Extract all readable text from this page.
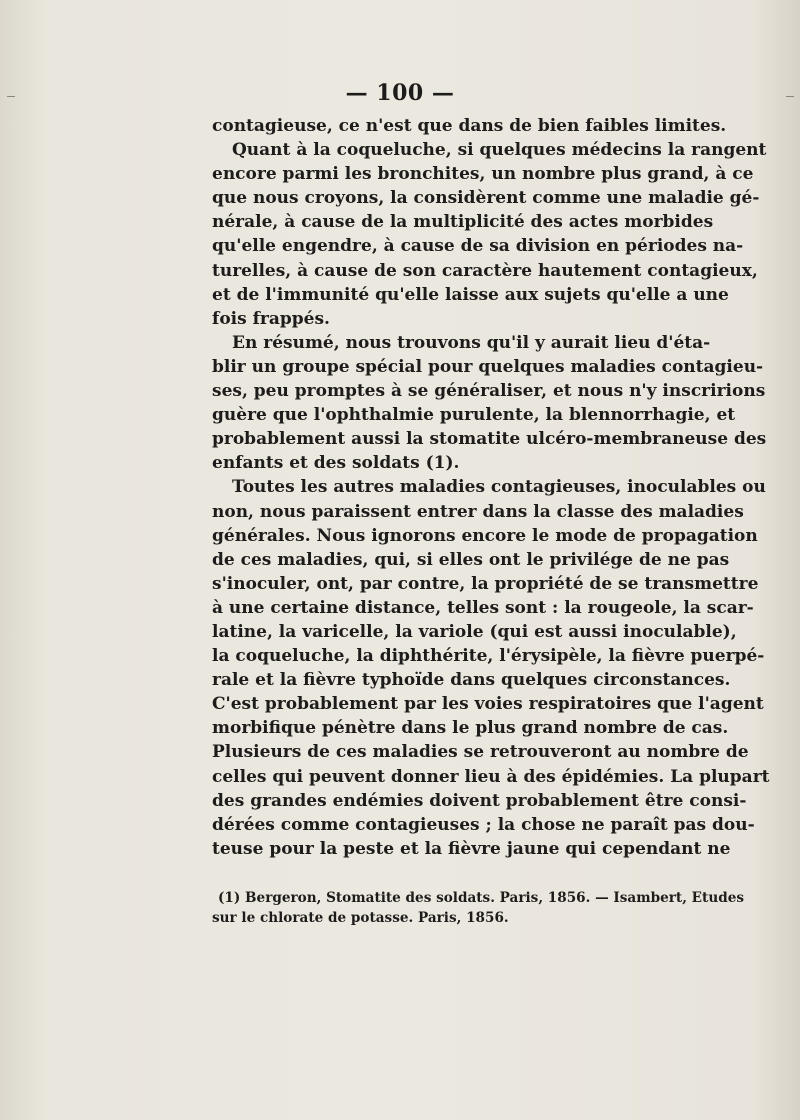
— 100 —
contagieuse, ce n'est que dans de bien faibles limites.
Quant à la coqueluche, si quelques médecins la rangent
encore parmi les bronchites, un nombre plus grand, à ce
que nous croyons, la considèrent comme une maladie gé-
nérale, à cause de la multiplicité des actes morbides
qu'elle engendre, à cause de sa division en périodes na-
turelles, à cause de son caractère hautement contagieux,
et de l'immunité qu'elle laisse aux sujets qu'elle a une
fois frappés.
En résumé, nous trouvons qu'il y aurait lieu d'éta-
blir un groupe spécial pour quelques maladies contagieu-
ses, peu promptes à se généraliser, et nous n'y inscririons
guère que l'ophthalmie purulente, la blennorrhagie, et
probablement aussi la stomatite ulcéro-membraneuse des
enfants et des soldats (1).
Toutes les autres maladies contagieuses, inoculables ou
non, nous paraissent entrer dans la classe des maladies
générales. Nous ignorons encore le mode de propagation
de ces maladies, qui, si elles ont le privilége de ne pas
s'inoculer, ont, par contre, la propriété de se transmettre
à une certaine distance, telles sont : la rougeole, la scar-
latine, la varicelle, la variole (qui est aussi inoculable),
la coqueluche, la diphthérite, l'érysipèle, la fièvre puerpé-
rale et la fièvre typhoïde dans quelques circonstances.
C'est probablement par les voies respiratoires que l'agent
morbifique pénètre dans le plus grand nombre de cas.
Plusieurs de ces maladies se retrouveront au nombre de
celles qui peuvent donner lieu à des épidémies. La plupart
des grandes endémies doivent probablement être consi-
dérées comme contagieuses ; la chose ne paraît pas dou-
teuse pour la peste et la fièvre jaune qui cependant ne
(1) Bergeron, Stomatite des soldats. Paris, 1856. — Isambert, Etudes
sur le chlorate de potasse. Paris, 1856.
